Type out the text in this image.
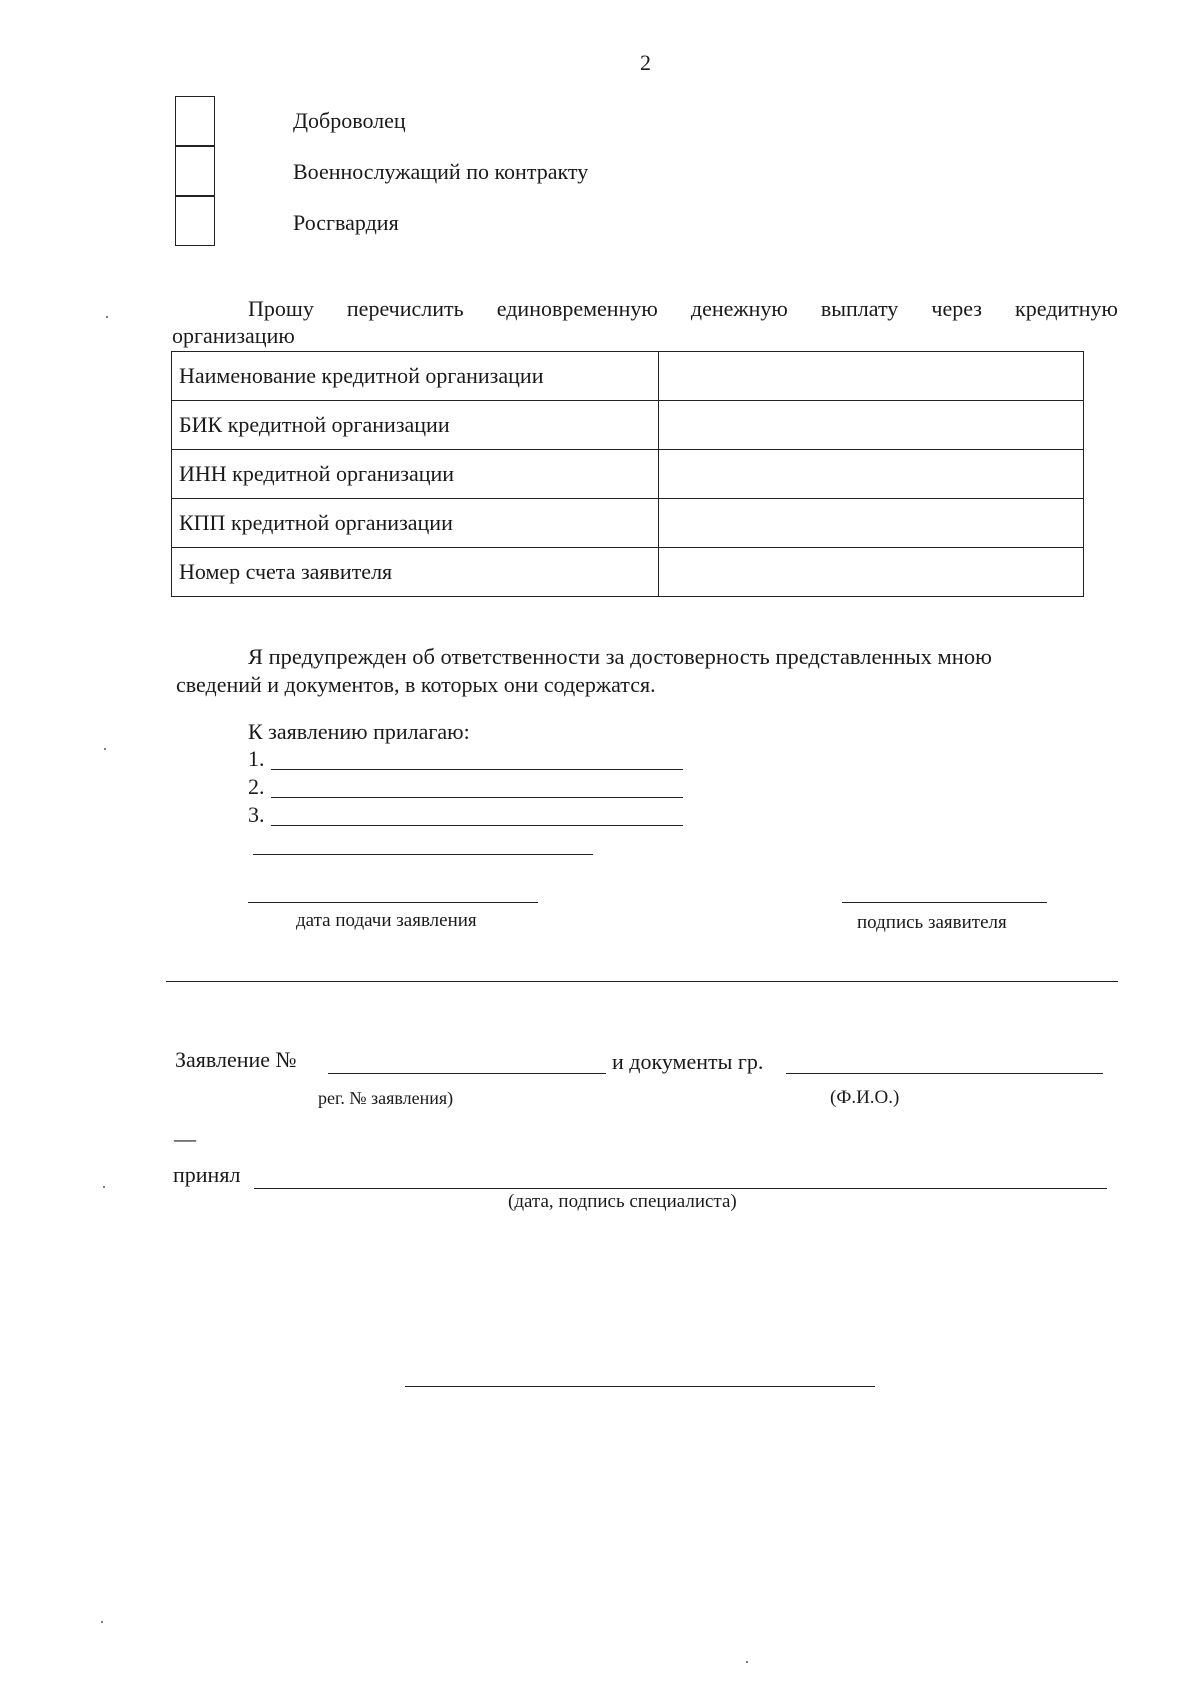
2
Доброволец
Военнослужащий по контракту
Росгвардия
Прошу перечислить единовременную денежную выплату через кредитную
организацию
Наименование кредитной организации	
БИК кредитной организации	
ИНН кредитной организации	
КПП кредитной организации	
Номер счета заявителя	
Я предупрежден об ответственности за достоверность представленных мною
сведений и документов, в которых они содержатся.
К заявлению прилагаю:
1.
2.
3.
дата подачи заявления	подпись заявителя
Заявление №	и документы гр.
рег. № заявления)	(Ф.И.О.)
—
принял
(дата, подпись специалиста)
